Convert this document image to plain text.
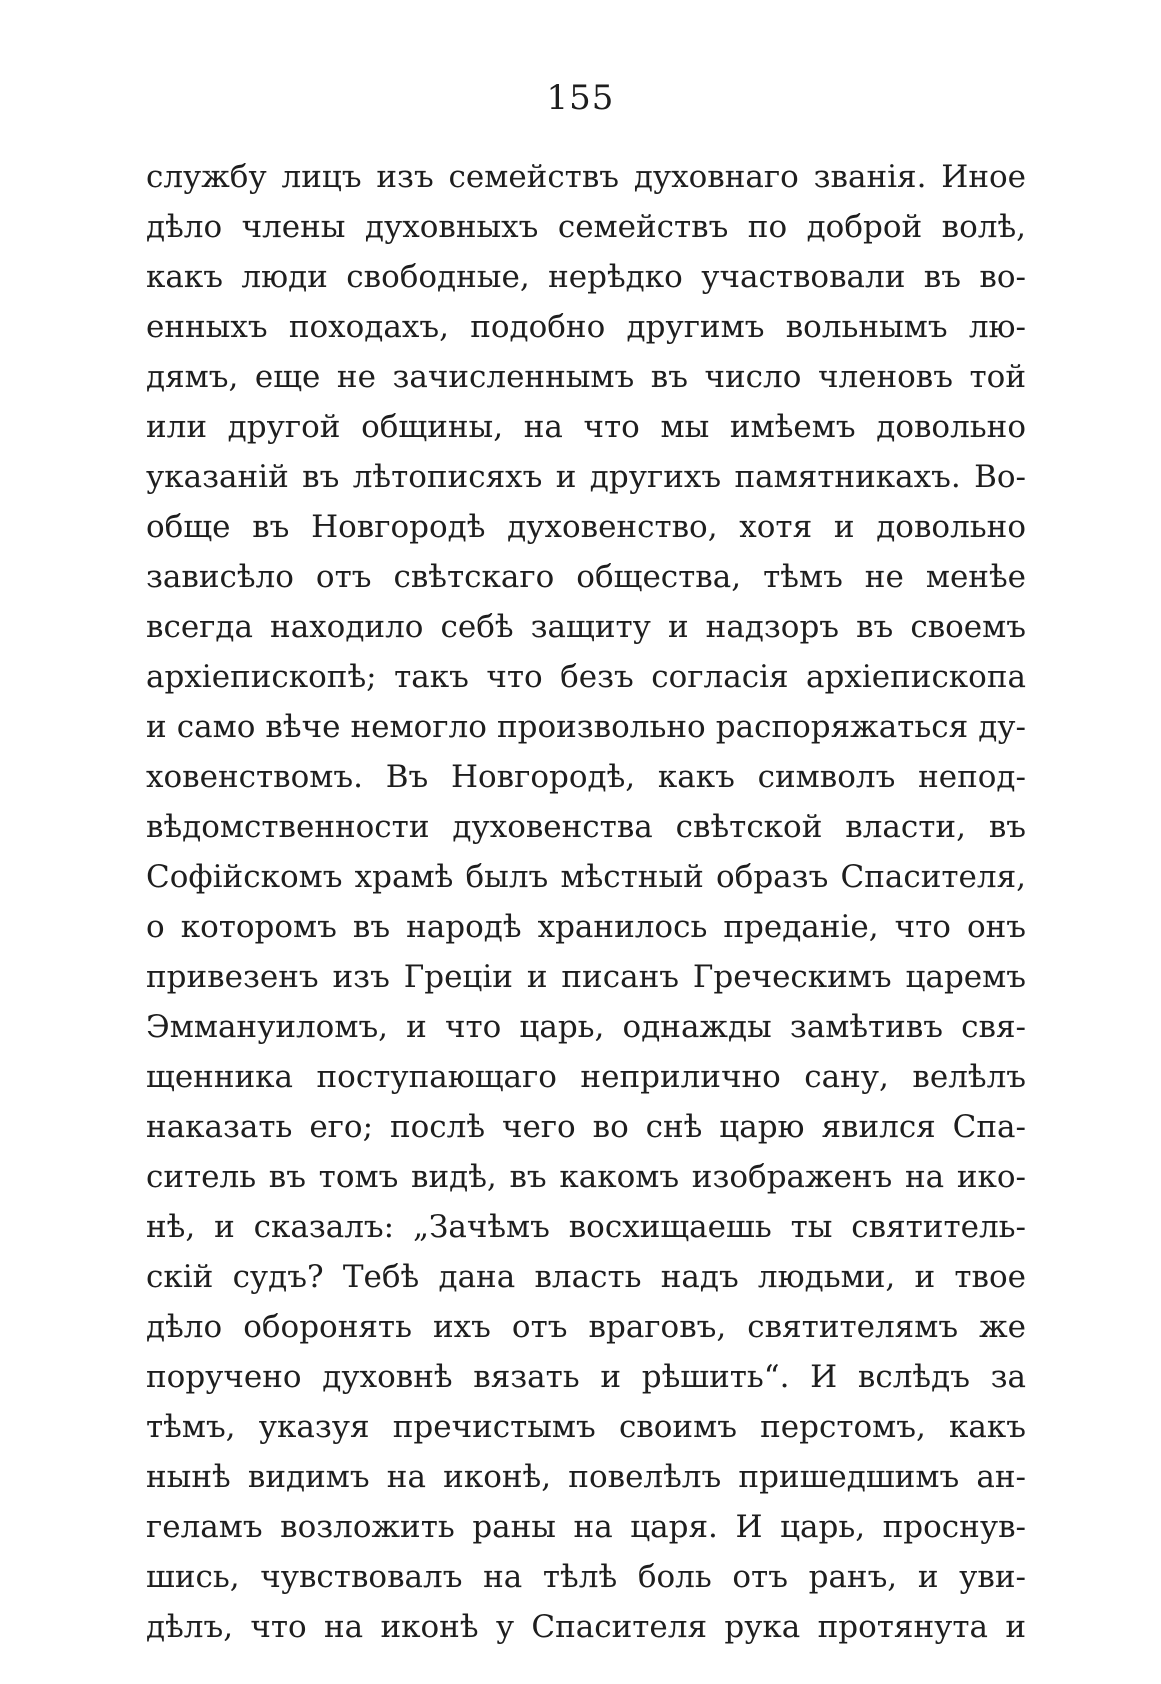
155
службу лицъ изъ семействъ духовнаго званія. Иное
дѣло члены духовныхъ семействъ по доброй волѣ,
какъ люди свободные, нерѣдко участвовали въ во-
енныхъ походахъ, подобно другимъ вольнымъ лю-
дямъ, еще не зачисленнымъ въ число членовъ той
или другой общины, на что мы имѣемъ довольно
указаній въ лѣтописяхъ и другихъ памятникахъ. Во-
обще въ Новгородѣ духовенство, хотя и довольно
зависѣло отъ свѣтскаго общества, тѣмъ не менѣе
всегда находило себѣ защиту и надзоръ въ своемъ
архіепископѣ; такъ что безъ согласія архіепископа
и само вѣче немогло произвольно распоряжаться ду-
ховенствомъ. Въ Новгородѣ, какъ символъ непод-
вѣдомственности духовенства свѣтской власти, въ
Софійскомъ храмѣ былъ мѣстный образъ Спасителя,
о которомъ въ народѣ хранилось преданіе, что онъ
привезенъ изъ Греціи и писанъ Греческимъ царемъ
Эммануиломъ, и что царь, однажды замѣтивъ свя-
щенника поступающаго неприлично сану, велѣлъ
наказать его; послѣ чего во снѣ царю явился Спа-
ситель въ томъ видѣ, въ какомъ изображенъ на ико-
нѣ, и сказалъ: „Зачѣмъ восхищаешь ты святитель-
скій судъ? Тебѣ дана власть надъ людьми, и твое
дѣло оборонять ихъ отъ враговъ, святителямъ же
поручено духовнѣ вязать и рѣшить“. И вслѣдъ за
тѣмъ, указуя пречистымъ своимъ перстомъ, какъ
нынѣ видимъ на иконѣ, повелѣлъ пришедшимъ ан-
геламъ возложить раны на царя. И царь, проснув-
шись, чувствовалъ на тѣлѣ боль отъ ранъ, и уви-
дѣлъ, что на иконѣ у Спасителя рука протянута и
